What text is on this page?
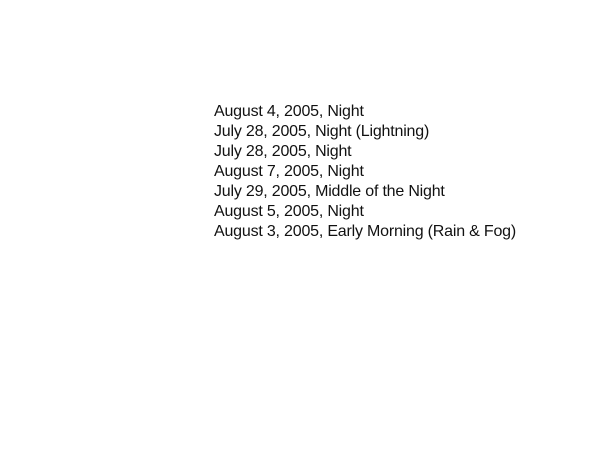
August 4, 2005, Night
July 28, 2005, Night (Lightning)
July 28, 2005, Night
August 7, 2005, Night
July 29, 2005, Middle of the Night
August 5, 2005, Night
August 3, 2005, Early Morning (Rain & Fog)
